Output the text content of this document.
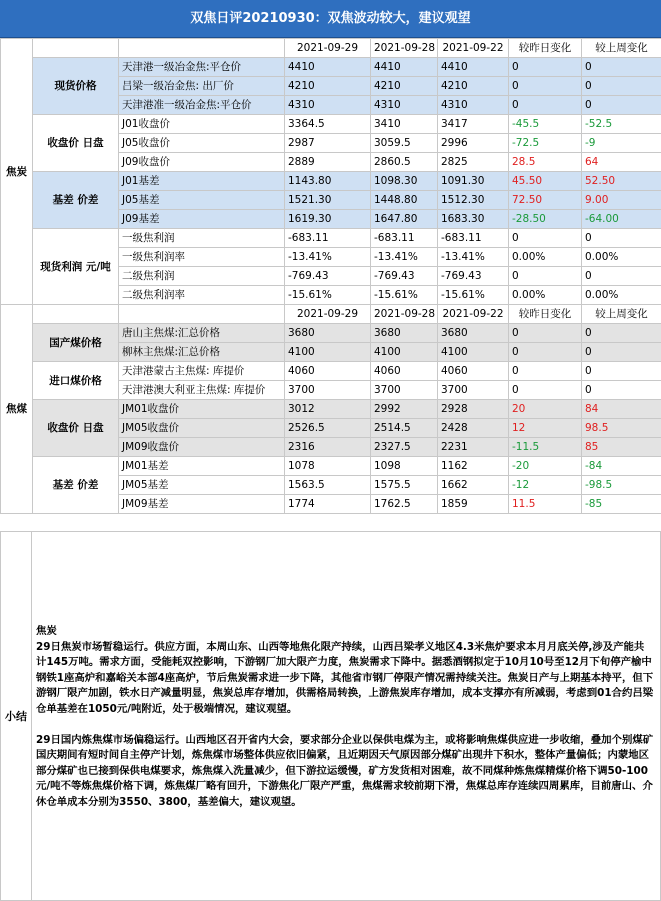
双焦日评20210930：双焦波动较大，建议观望
焦炭			2021-09-29	2021-09-28	2021-09-22	较昨日变化	较上周变化
	现货价格	天津港一级冶金焦:平仓价	4410	4410	4410	0	0
		吕梁一级冶金焦: 出厂价	4210	4210	4210	0	0
		天津港准一级冶金焦:平仓价	4310	4310	4310	0	0
	收盘价 日盘	J01收盘价	3364.5	3410	3417	-45.5	-52.5
		J05收盘价	2987	3059.5	2996	-72.5	-9
		J09收盘价	2889	2860.5	2825	28.5	64
	基差 价差	J01基差	1143.80	1098.30	1091.30	45.50	52.50
		J05基差	1521.30	1448.80	1512.30	72.50	9.00
		J09基差	1619.30	1647.80	1683.30	-28.50	-64.00
	现货利润 元/吨	一级焦利润	-683.11	-683.11	-683.11	0	0
		一级焦利润率	-13.41%	-13.41%	-13.41%	0.00%	0.00%
		二级焦利润	-769.43	-769.43	-769.43	0	0
		二级焦利润率	-15.61%	-15.61%	-15.61%	0.00%	0.00%
焦煤			2021-09-29	2021-09-28	2021-09-22	较昨日变化	较上周变化
	国产煤价格	唐山主焦煤:汇总价格	3680	3680	3680	0	0
		柳林主焦煤:汇总价格	4100	4100	4100	0	0
	进口煤价格	天津港蒙古主焦煤: 库提价	4060	4060	4060	0	0
		天津港澳大利亚主焦煤: 库提价	3700	3700	3700	0	0
	收盘价 日盘	JM01收盘价	3012	2992	2928	20	84
		JM05收盘价	2526.5	2514.5	2428	12	98.5
		JM09收盘价	2316	2327.5	2231	-11.5	85
	基差 价差	JM01基差	1078	1098	1162	-20	-84
		JM05基差	1563.5	1575.5	1662	-12	-98.5
		JM09基差	1774	1762.5	1859	11.5	-85
小结

焦炭

29日焦炭市场暂稳运行。供应方面，本周山东、山西等地焦化限产持续，山西吕梁孝义地区4.3米焦炉要求本月月底关停,涉及产能共计145万吨。需求方面，受能耗双控影响，下游钢厂加大限产力度，焦炭需求下降中。据悉酒钢拟定于10月10号至12月下旬停产榆中钢铁1座高炉和嘉峪关本部4座高炉，节后焦炭需求进一步下降，其他省市钢厂停限产情况需持续关注。焦炭日产与上期基本持平，但下游钢厂限产加剧，铁水日产减量明显，焦炭总库存增加，供需格局转换，上游焦炭库存增加，成本支撑亦有所减弱，考虑到01合约吕梁仓单基差在1050元/吨附近，处于极端情况，建议观望。

29日国内炼焦煤市场偏稳运行。山西地区召开省内大会，要求部分企业以保供电煤为主，或将影响焦煤供应进一步收缩，叠加个别煤矿国庆期间有短时间自主停产计划，炼焦煤市场整体供应依旧偏紧，且近期因天气原因部分煤矿出现井下积水，整体产量偏低；内蒙地区部分煤矿也已接到保供电煤要求，炼焦煤入洗量减少，但下游拉运缓慢，矿方发货相对困难，故不同煤种炼焦煤精煤价格下调50-100元/吨不等炼焦煤价格下调，炼焦煤厂略有回升，下游焦化厂限产严重，焦煤需求较前期下滑，焦煤总库存连续四周累库，目前唐山、介休仓单成本分别为3550、3800，基差偏大，建议观望。
